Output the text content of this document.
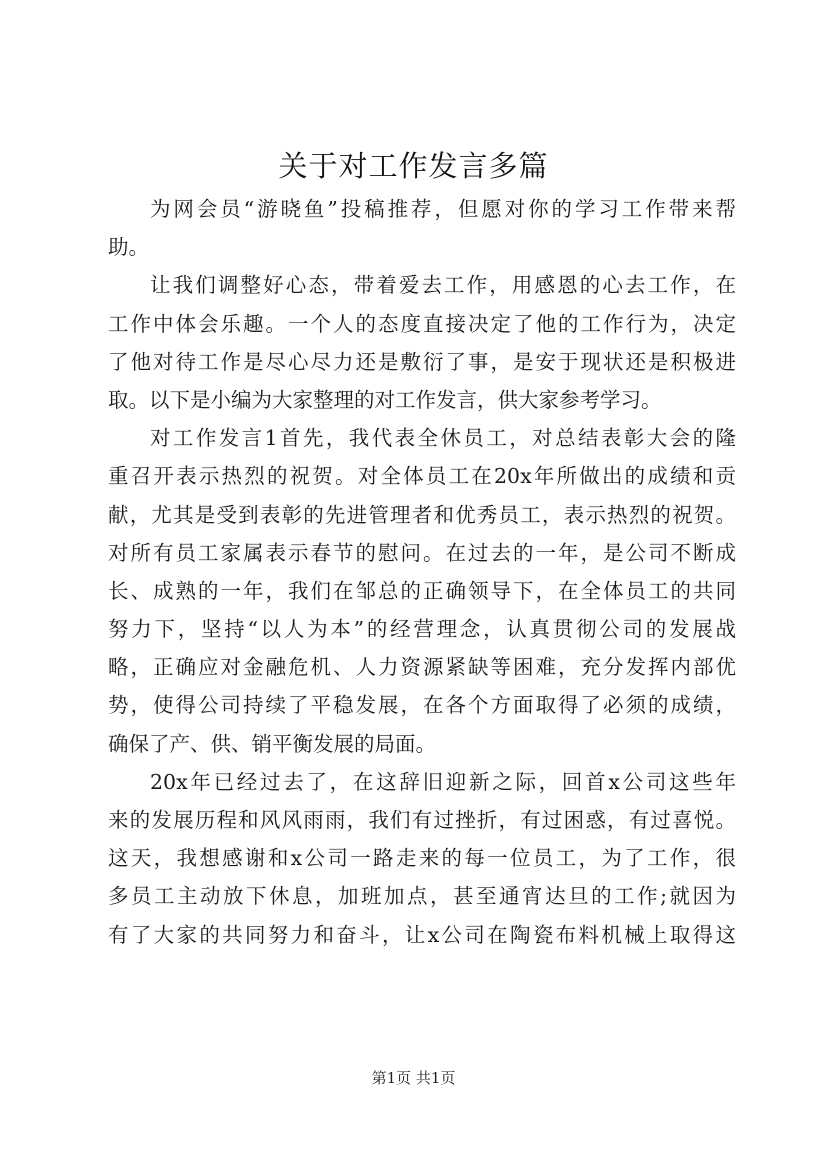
关于对工作发言多篇
为网会员“游晓鱼”投稿推荐，但愿对你的学习工作带来帮
助。
让我们调整好心态，带着爱去工作，用感恩的心去工作，在
工作中体会乐趣。一个人的态度直接决定了他的工作行为，决定
了他对待工作是尽心尽力还是敷衍了事，是安于现状还是积极进
取。以下是小编为大家整理的对工作发言，供大家参考学习。
对工作发言1首先，我代表全休员工，对总结表彰大会的隆
重召开表示热烈的祝贺。对全体员工在20x年所做出的成绩和贡
献，尤其是受到表彰的先进管理者和优秀员工，表示热烈的祝贺。
对所有员工家属表示春节的慰问。在过去的一年，是公司不断成
长、成熟的一年，我们在邹总的正确领导下，在全体员工的共同
努力下，坚持“以人为本”的经营理念，认真贯彻公司的发展战
略，正确应对金融危机、人力资源紧缺等困难，充分发挥内部优
势，使得公司持续了平稳发展，在各个方面取得了必须的成绩，
确保了产、供、销平衡发展的局面。
20x年已经过去了，在这辞旧迎新之际，回首x公司这些年
来的发展历程和风风雨雨，我们有过挫折，有过困惑，有过喜悦。
这天，我想感谢和x公司一路走来的每一位员工，为了工作，很
多员工主动放下休息，加班加点，甚至通宵达旦的工作;就因为
有了大家的共同努力和奋斗，让x公司在陶瓷布料机械上取得这
第1页 共1页
